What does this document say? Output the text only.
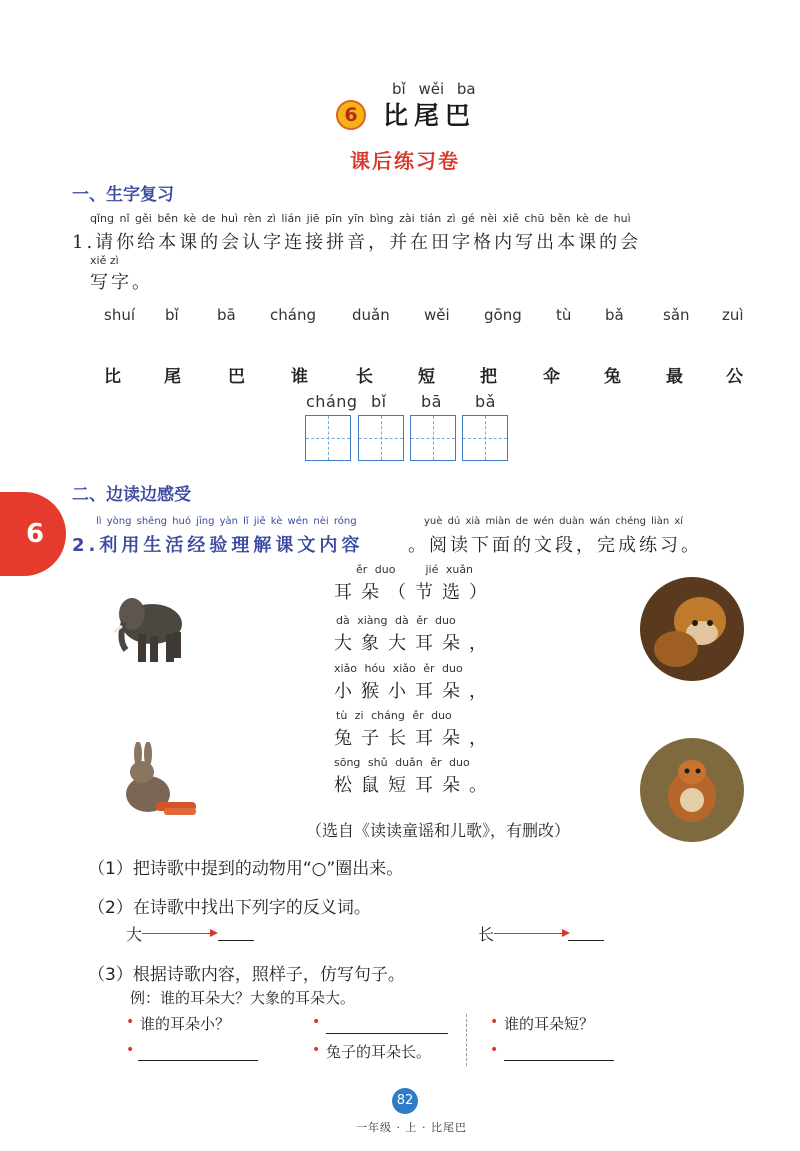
bǐ wěi ba
6	比尾巴
课后练习卷
6
一、生字复习
qǐng nǐ gěi běn kè de huì rèn zì lián jiē pīn yīn bìng zài tián zì gé nèi xiě chū běn kè de huì
1.请你给本课的会认字连接拼音，并在田字格内写出本课的会
xiě zì
写字。
shuí bǐ	bā cháng duǎn wěi gōng tù bǎ	sǎn zuì
比	尾	巴	谁	长	短	把	伞	兔	最	公
cháng bǐ bā bǎ
二、边读边感受
lì yòng shēng huó jīng yàn lǐ jiě kè wén nèi róng	yuè dú xià miàn de wén duàn wán chéng liàn xí
2.利用生活经验理解课文内容 。阅读下面的文段，完成练习。
ěr duo    jié xuǎn
耳朵（节选）
dà xiàng dà ěr duo
大象大耳朵，
xiǎo hóu xiǎo ěr duo
小猴小耳朵，
tù zi cháng ěr duo
兔子长耳朵，
sōng shǔ duǎn ěr duo
松鼠短耳朵。
（选自《读读童谣和儿歌》，有删改）
（1）把诗歌中提到的动物用“○”圈出来。
（2）在诗歌中找出下列字的反义词。
大	长
（3）根据诗歌内容，照样子，仿写句子。
例：谁的耳朵大？大象的耳朵大。
• 谁的耳朵小？	•	• 谁的耳朵短？
•	• 兔子的耳朵长。	•
82
一年级 · 上 · 比尾巴
